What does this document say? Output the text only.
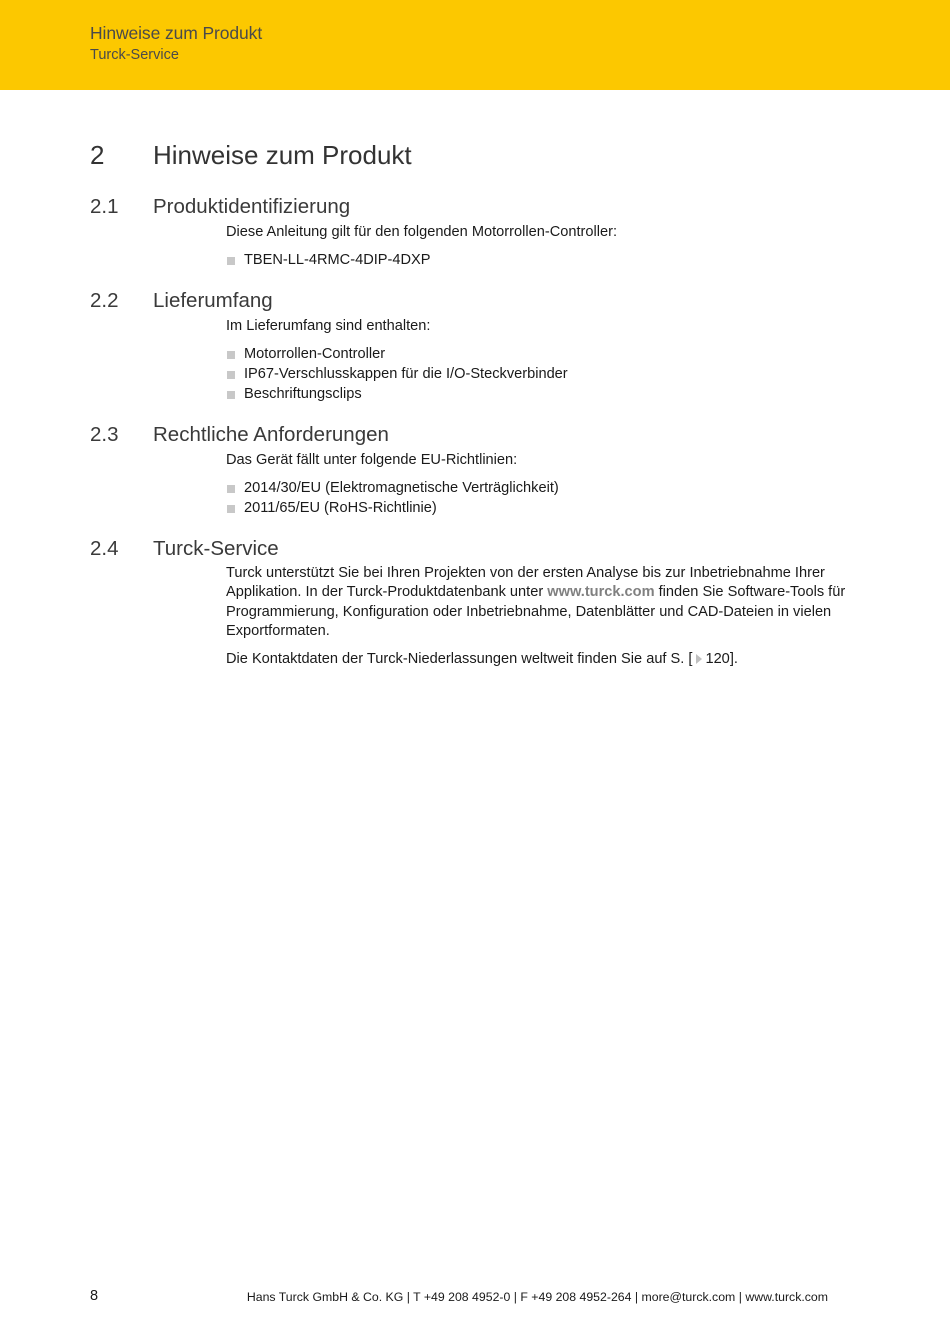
Hinweise zum Produkt
Turck-Service
2 Hinweise zum Produkt
2.1 Produktidentifizierung

Diese Anleitung gilt für den folgenden Motorrollen-Controller:

TBEN-LL-4RMC-4DIP-4DXP
2.2 Lieferumfang

Im Lieferumfang sind enthalten:

Motorrollen-Controller
IP67-Verschlusskappen für die I/O-Steckverbinder
Beschriftungsclips
2.3 Rechtliche Anforderungen

Das Gerät fällt unter folgende EU-Richtlinien:

2014/30/EU (Elektromagnetische Verträglichkeit)
2011/65/EU (RoHS-Richtlinie)
2.4 Turck-Service

Turck unterstützt Sie bei Ihren Projekten von der ersten Analyse bis zur Inbetriebnahme Ihrer Applikation. In der Turck-Produktdatenbank unter www.turck.com finden Sie Software-Tools für Programmierung, Konfiguration oder Inbetriebnahme, Datenblätter und CAD-Dateien in vielen Exportformaten.

Die Kontaktdaten der Turck-Niederlassungen weltweit finden Sie auf S. [ 120].

8	Hans Turck GmbH & Co. KG | T +49 208 4952-0 | F +49 208 4952-264 | more@turck.com | www.turck.com
